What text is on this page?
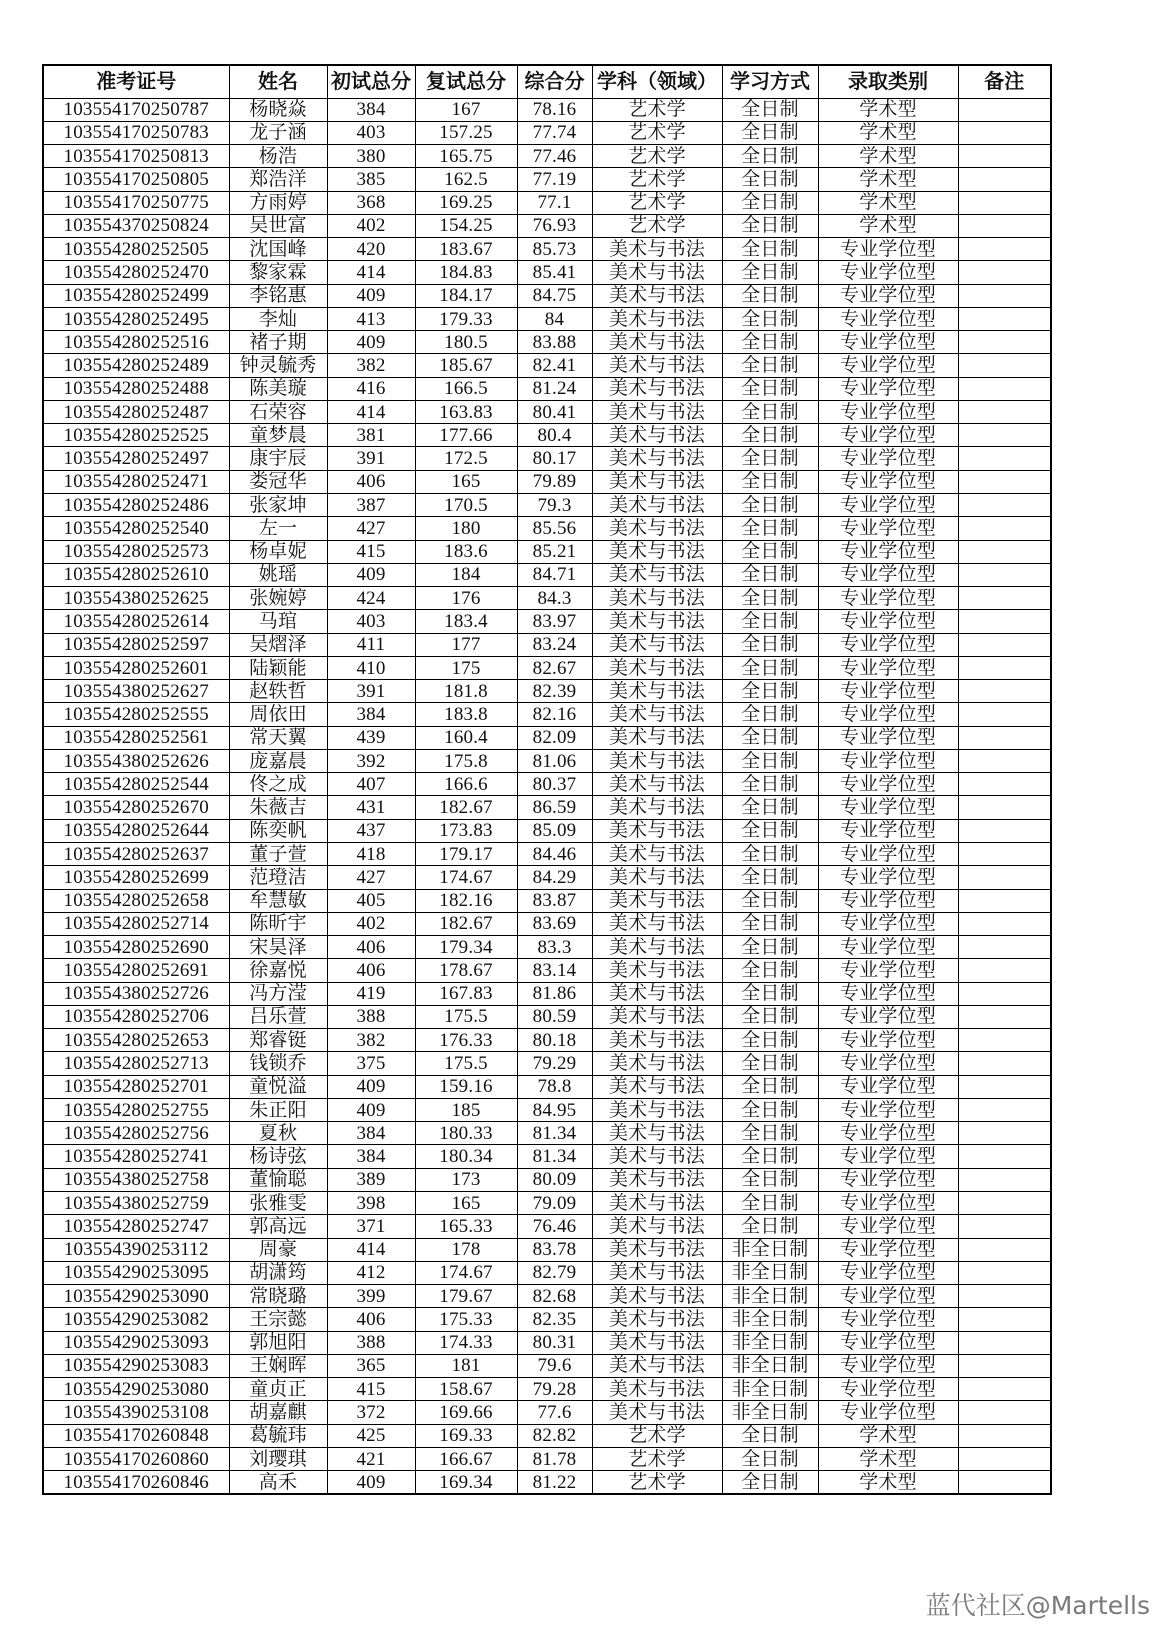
准考证号	姓名	初试总分	复试总分	综合分	学科（领域）	学习方式	录取类别	备注
103554170250787	杨晓焱	384	167	78.16	艺术学	全日制	学术型	
103554170250783	龙子涵	403	157.25	77.74	艺术学	全日制	学术型	
103554170250813	杨浩	380	165.75	77.46	艺术学	全日制	学术型	
103554170250805	郑浩洋	385	162.5	77.19	艺术学	全日制	学术型	
103554170250775	方雨婷	368	169.25	77.1	艺术学	全日制	学术型	
103554370250824	吴世富	402	154.25	76.93	艺术学	全日制	学术型	
103554280252505	沈国峰	420	183.67	85.73	美术与书法	全日制	专业学位型	
103554280252470	黎家霖	414	184.83	85.41	美术与书法	全日制	专业学位型	
103554280252499	李铭惠	409	184.17	84.75	美术与书法	全日制	专业学位型	
103554280252495	李灿	413	179.33	84	美术与书法	全日制	专业学位型	
103554280252516	褚子期	409	180.5	83.88	美术与书法	全日制	专业学位型	
103554280252489	钟灵毓秀	382	185.67	82.41	美术与书法	全日制	专业学位型	
103554280252488	陈美璇	416	166.5	81.24	美术与书法	全日制	专业学位型	
103554280252487	石荣容	414	163.83	80.41	美术与书法	全日制	专业学位型	
103554280252525	童梦晨	381	177.66	80.4	美术与书法	全日制	专业学位型	
103554280252497	康宇辰	391	172.5	80.17	美术与书法	全日制	专业学位型	
103554280252471	娄冠华	406	165	79.89	美术与书法	全日制	专业学位型	
103554280252486	张家坤	387	170.5	79.3	美术与书法	全日制	专业学位型	
103554280252540	左一	427	180	85.56	美术与书法	全日制	专业学位型	
103554280252573	杨卓妮	415	183.6	85.21	美术与书法	全日制	专业学位型	
103554280252610	姚瑶	409	184	84.71	美术与书法	全日制	专业学位型	
103554380252625	张婉婷	424	176	84.3	美术与书法	全日制	专业学位型	
103554280252614	马琯	403	183.4	83.97	美术与书法	全日制	专业学位型	
103554280252597	吴熠泽	411	177	83.24	美术与书法	全日制	专业学位型	
103554280252601	陆颖能	410	175	82.67	美术与书法	全日制	专业学位型	
103554380252627	赵轶哲	391	181.8	82.39	美术与书法	全日制	专业学位型	
103554280252555	周依田	384	183.8	82.16	美术与书法	全日制	专业学位型	
103554280252561	常天翼	439	160.4	82.09	美术与书法	全日制	专业学位型	
103554380252626	庞嘉晨	392	175.8	81.06	美术与书法	全日制	专业学位型	
103554280252544	佟之成	407	166.6	80.37	美术与书法	全日制	专业学位型	
103554280252670	朱薇吉	431	182.67	86.59	美术与书法	全日制	专业学位型	
103554280252644	陈奕帆	437	173.83	85.09	美术与书法	全日制	专业学位型	
103554280252637	董子萱	418	179.17	84.46	美术与书法	全日制	专业学位型	
103554280252699	范璒洁	427	174.67	84.29	美术与书法	全日制	专业学位型	
103554280252658	牟慧敏	405	182.16	83.87	美术与书法	全日制	专业学位型	
103554280252714	陈昕宇	402	182.67	83.69	美术与书法	全日制	专业学位型	
103554280252690	宋昊泽	406	179.34	83.3	美术与书法	全日制	专业学位型	
103554280252691	徐嘉悦	406	178.67	83.14	美术与书法	全日制	专业学位型	
103554380252726	冯方滢	419	167.83	81.86	美术与书法	全日制	专业学位型	
103554280252706	吕乐萱	388	175.5	80.59	美术与书法	全日制	专业学位型	
103554280252653	郑睿铤	382	176.33	80.18	美术与书法	全日制	专业学位型	
103554280252713	钱锁乔	375	175.5	79.29	美术与书法	全日制	专业学位型	
103554280252701	童悦溢	409	159.16	78.8	美术与书法	全日制	专业学位型	
103554280252755	朱正阳	409	185	84.95	美术与书法	全日制	专业学位型	
103554280252756	夏秋	384	180.33	81.34	美术与书法	全日制	专业学位型	
103554280252741	杨诗弦	384	180.34	81.34	美术与书法	全日制	专业学位型	
103554380252758	董愉聪	389	173	80.09	美术与书法	全日制	专业学位型	
103554380252759	张雅雯	398	165	79.09	美术与书法	全日制	专业学位型	
103554280252747	郭高远	371	165.33	76.46	美术与书法	全日制	专业学位型	
103554390253112	周豪	414	178	83.78	美术与书法	非全日制	专业学位型	
103554290253095	胡潇筠	412	174.67	82.79	美术与书法	非全日制	专业学位型	
103554290253090	常晓璐	399	179.67	82.68	美术与书法	非全日制	专业学位型	
103554290253082	王宗懿	406	175.33	82.35	美术与书法	非全日制	专业学位型	
103554290253093	郭旭阳	388	174.33	80.31	美术与书法	非全日制	专业学位型	
103554290253083	王娴晖	365	181	79.6	美术与书法	非全日制	专业学位型	
103554290253080	童贞正	415	158.67	79.28	美术与书法	非全日制	专业学位型	
103554390253108	胡嘉麒	372	169.66	77.6	美术与书法	非全日制	专业学位型	
103554170260848	葛毓玮	425	169.33	82.82	艺术学	全日制	学术型	
103554170260860	刘璎琪	421	166.67	81.78	艺术学	全日制	学术型	
103554170260846	高禾	409	169.34	81.22	艺术学	全日制	学术型	
蓝代社区@Martells
